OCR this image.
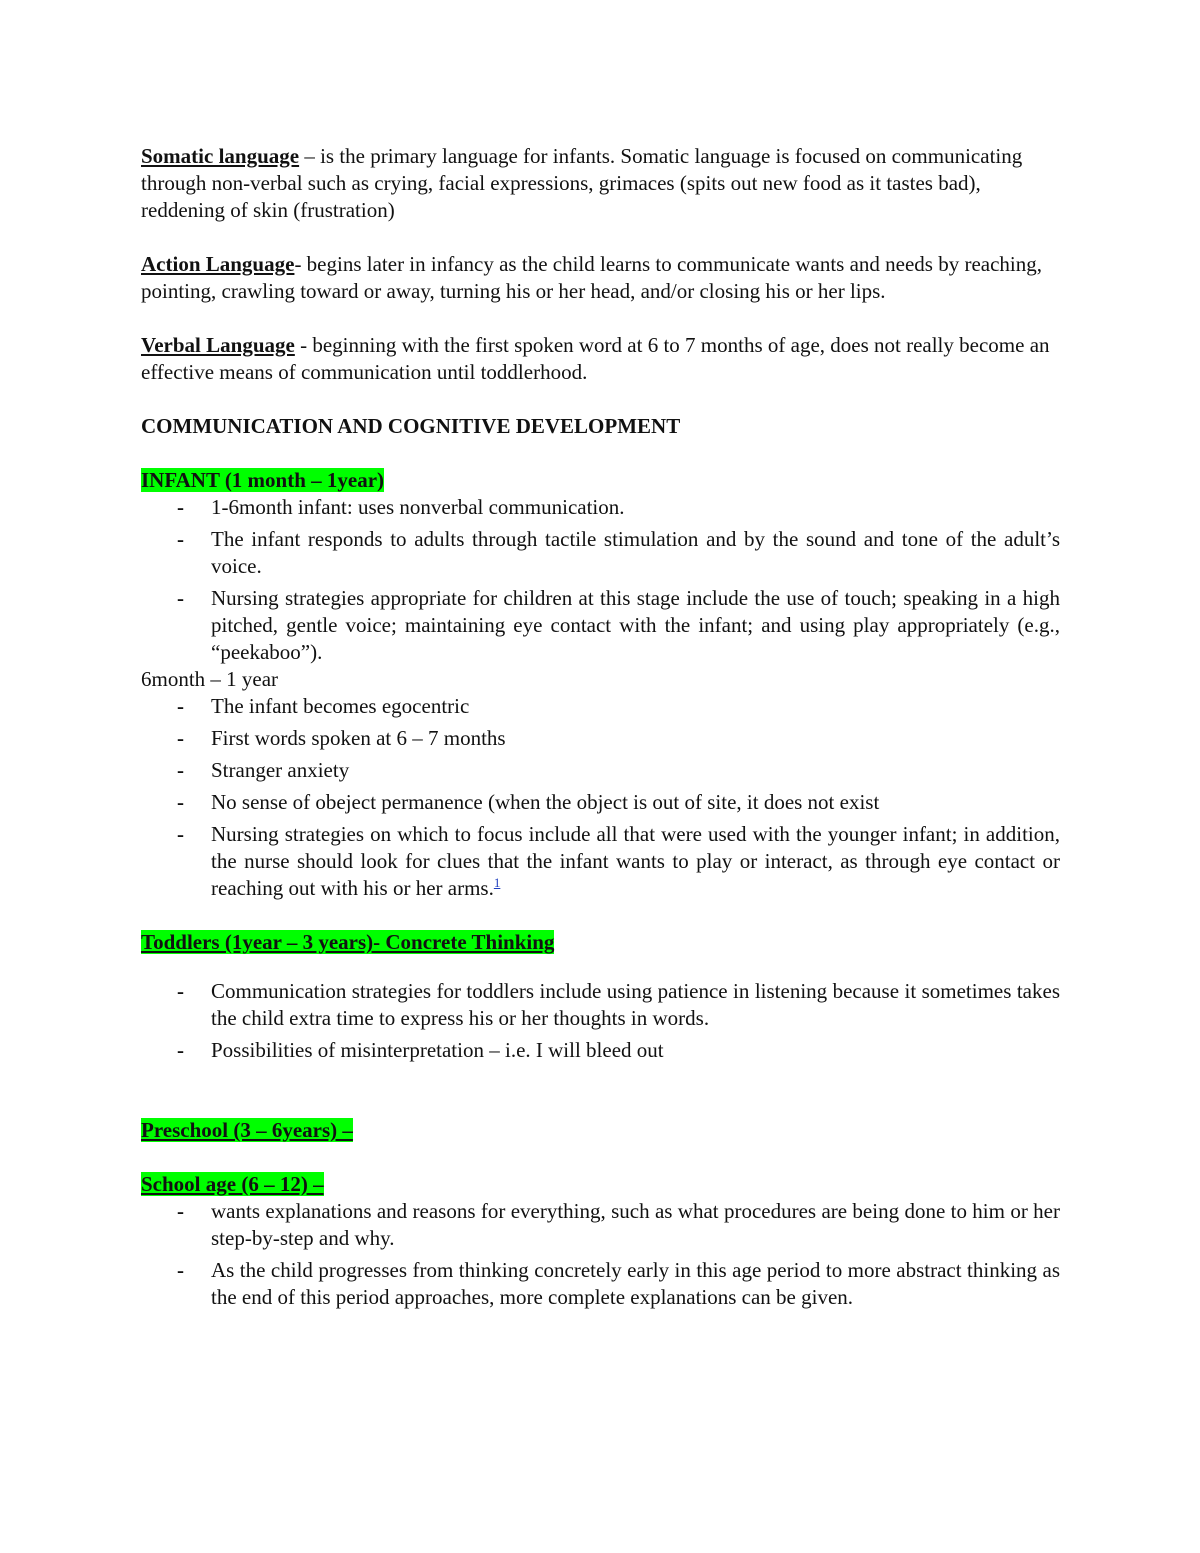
Somatic language – is the primary language for infants. Somatic language is focused on communicating through non-verbal such as crying, facial expressions, grimaces (spits out new food as it tastes bad), reddening of skin (frustration)

Action Language- begins later in infancy as the child learns to communicate wants and needs by reaching, pointing, crawling toward or away, turning his or her head, and/or closing his or her lips.

Verbal Language - beginning with the first spoken word at 6 to 7 months of age, does not really become an effective means of communication until toddlerhood.

COMMUNICATION AND COGNITIVE DEVELOPMENT

INFANT (1 month – 1year)

- 1-6month infant: uses nonverbal communication.
- The infant responds to adults through tactile stimulation and by the sound and tone of the adult’s voice.
- Nursing strategies appropriate for children at this stage include the use of touch; speaking in a high pitched, gentle voice; maintaining eye contact with the infant; and using play appropriately (e.g., “peekaboo”).

6month – 1 year

- The infant becomes egocentric
- First words spoken at 6 – 7 months
- Stranger anxiety
- No sense of obeject permanence (when the object is out of site, it does not exist
- Nursing strategies on which to focus include all that were used with the younger infant; in addition, the nurse should look for clues that the infant wants to play or interact, as through eye contact or reaching out with his or her arms.$^1$

Toddlers (1year – 3 years)- Concrete Thinking

- Communication strategies for toddlers include using patience in listening because it sometimes takes the child extra time to express his or her thoughts in words.
- Possibilities of misinterpretation – i.e. I will bleed out

Preschool (3 – 6years) –

School age (6 – 12) –

- wants explanations and reasons for everything, such as what procedures are being done to him or her step-by-step and why.
- As the child progresses from thinking concretely early in this age period to more abstract thinking as the end of this period approaches, more complete explanations can be given.
